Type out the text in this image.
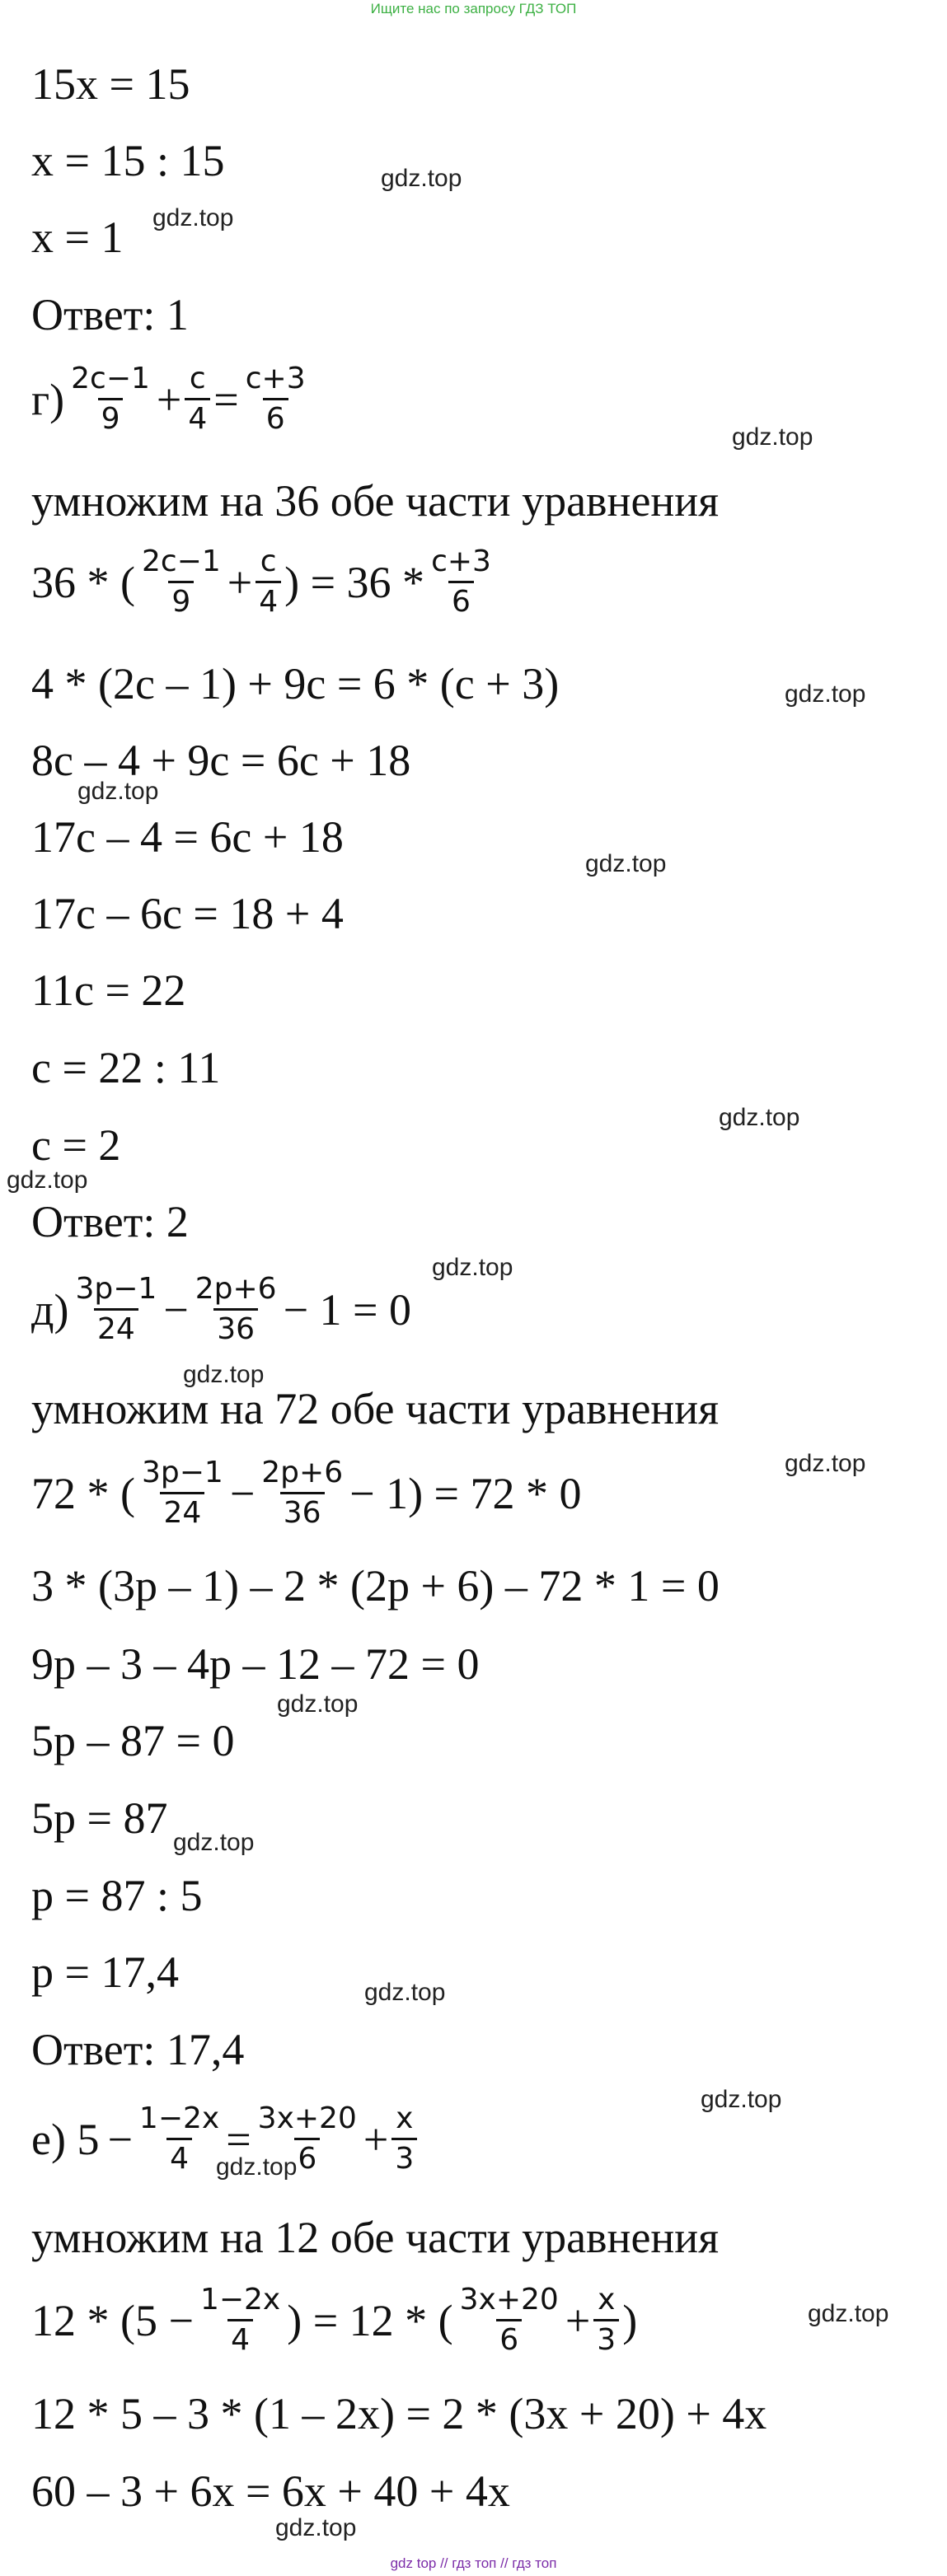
Ищите нас по запросу ГДЗ ТОП
15x = 15
x = 15 : 15
x = 1
Ответ: 1
$г) \frac{2c-1}{9} + \frac{c}{4} = \frac{c+3}{6}$
умножим на 36 обе части уравнения
36 * ( $\frac{2c-1}{9} + \frac{c}{4}$ ) = $36 * \frac{c+3}{6}$
4 * (2c – 1) + 9c = 6 * (c + 3)
8c – 4 + 9c = 6c + 18
17c – 4 = 6c + 18
17c – 6c = 18 + 4
11c = 22
c = 22 : 11
c = 2
Ответ: 2
$д) \frac{3p-1}{24} - \frac{2p+6}{36} - 1 = 0$
умножим на 72 обе части уравнения
72 * ( $\frac{3p-1}{24} - \frac{2p+6}{36} - 1) = 72 * 0$
3 * (3p – 1) – 2 * (2p + 6) – 72 * 1 = 0
9p – 3 – 4p – 12 – 72 = 0
5p – 87 = 0
5p = 87
p = 87 : 5
p = 17,4
Ответ: 17,4
е) $5 - \frac{1-2x}{4} = \frac{3x+20}{6} + \frac{x}{3}$
умножим на 12 обе части уравнения
$12 * (5 - \frac{1-2x}{4}$ ) = 12 * ( $\frac{3x+20}{6} + \frac{x}{3}$ )
12 * 5 – 3 * (1 – 2x) = 2 * (3x + 20) + 4x
60 – 3 + 6x = 6x + 40 + 4x
gdz.top
gdz.top
gdz.top
gdz.top
gdz.top
gdz.top
gdz.top
gdz.top
gdz.top
gdz.top
gdz.top
gdz.top
gdz.top
gdz.top
gdz.top
gdz.top
gdz.top
gdz.top
gdz top // гдз топ // гдз топ
